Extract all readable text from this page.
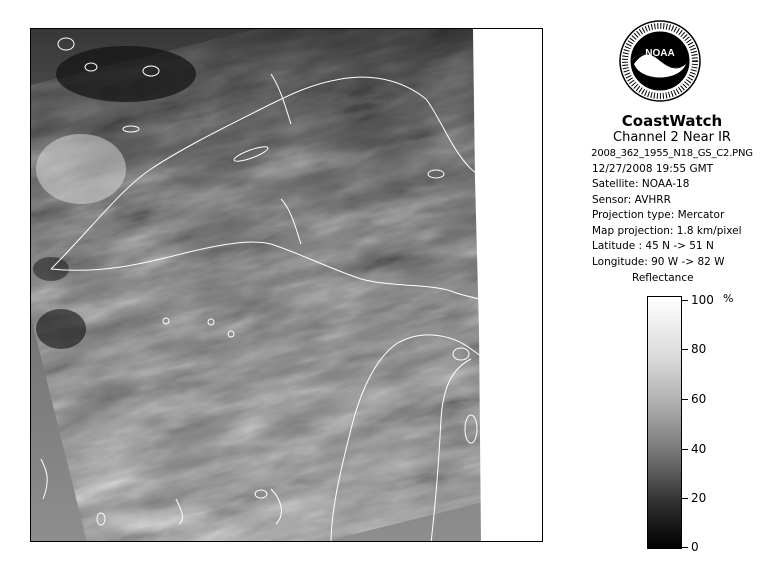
NOAA
CoastWatch
Channel 2 Near IR
2008_362_1955_N18_GS_C2.PNG
12/27/2008 19:55 GMT
Satellite: NOAA-18
Sensor: AVHRR
Projection type: Mercator
Map projection: 1.8 km/pixel
Latitude : 45 N -> 51 N
Longitude: 90 W -> 82 W
Reflectance
%
100
80
60
40
20
0
